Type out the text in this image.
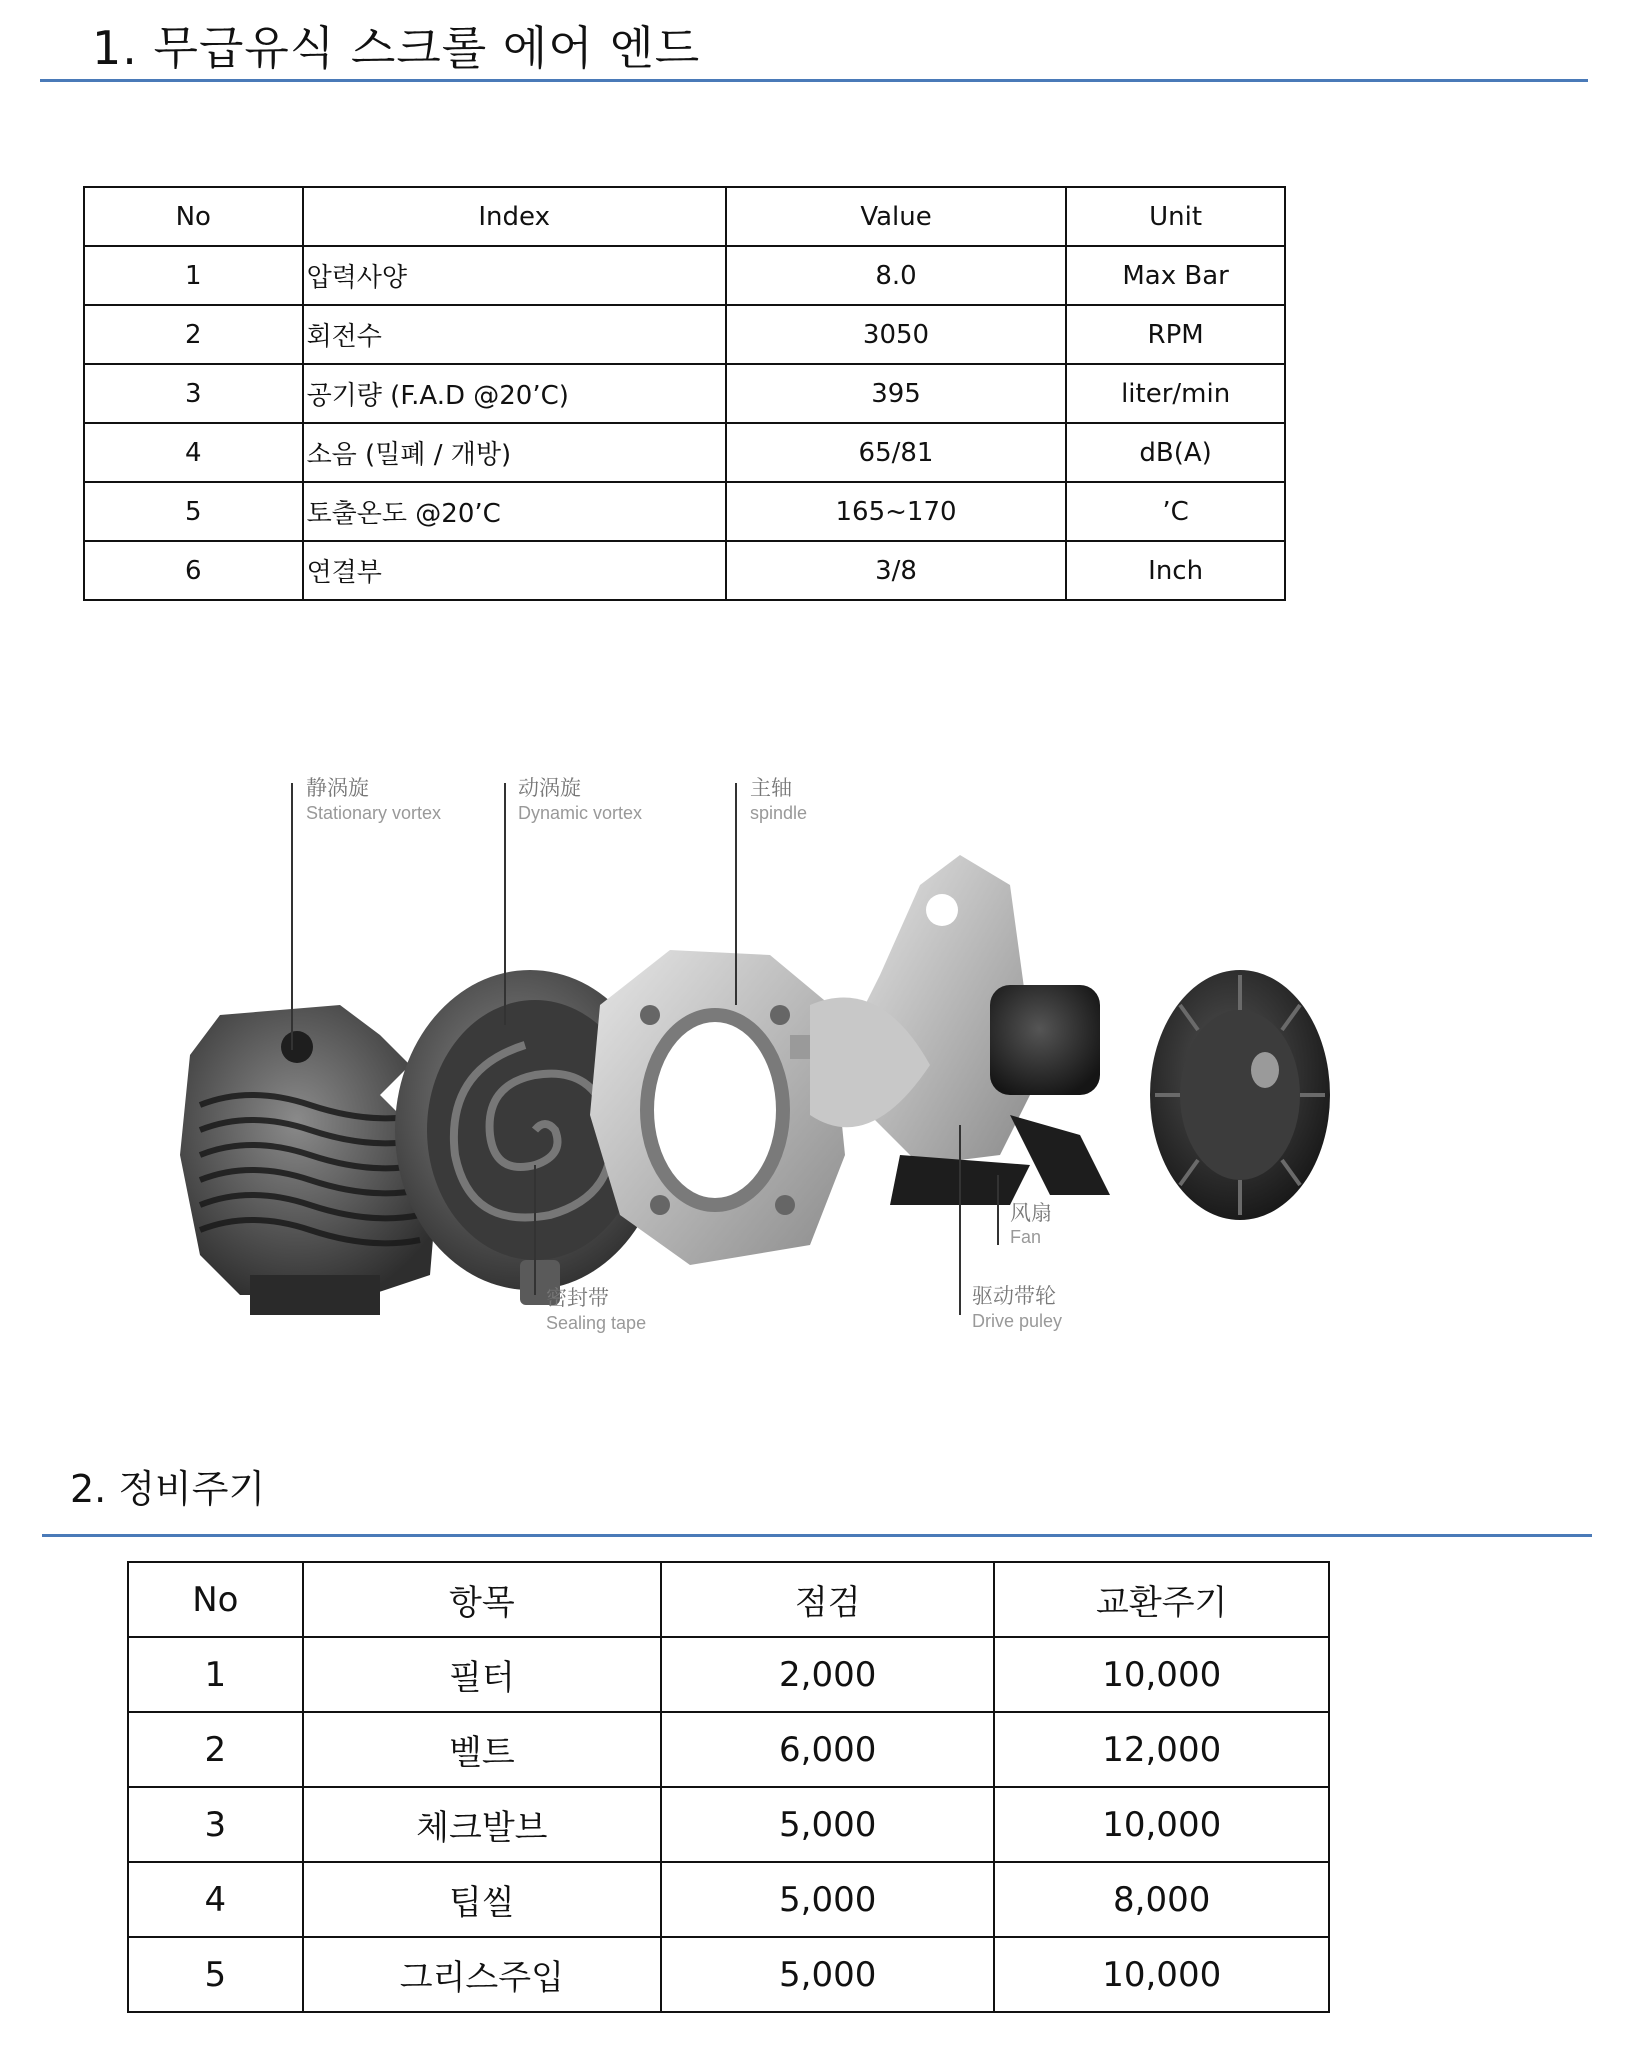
1. 무급유식 스크롤 에어 엔드
No	Index	Value	Unit
1	압력사양	8.0	Max Bar
2	회전수	3050	RPM
3	공기량 (F.A.D @20’C)	395	liter/min
4	소음 (밀폐 / 개방)	65/81	dB(A)
5	토출온도 @20’C	165~170	’C
6	연결부	3/8	Inch
静涡旋
Stationary vortex
动涡旋
Dynamic vortex
主轴
spindle
风扇
Fan
驱动带轮
Drive puley
密封带
Sealing tape
2. 정비주기
No	항목	점검	교환주기
1	필터	2,000	10,000
2	벨트	6,000	12,000
3	체크발브	5,000	10,000
4	팁씰	5,000	8,000
5	그리스주입	5,000	10,000
